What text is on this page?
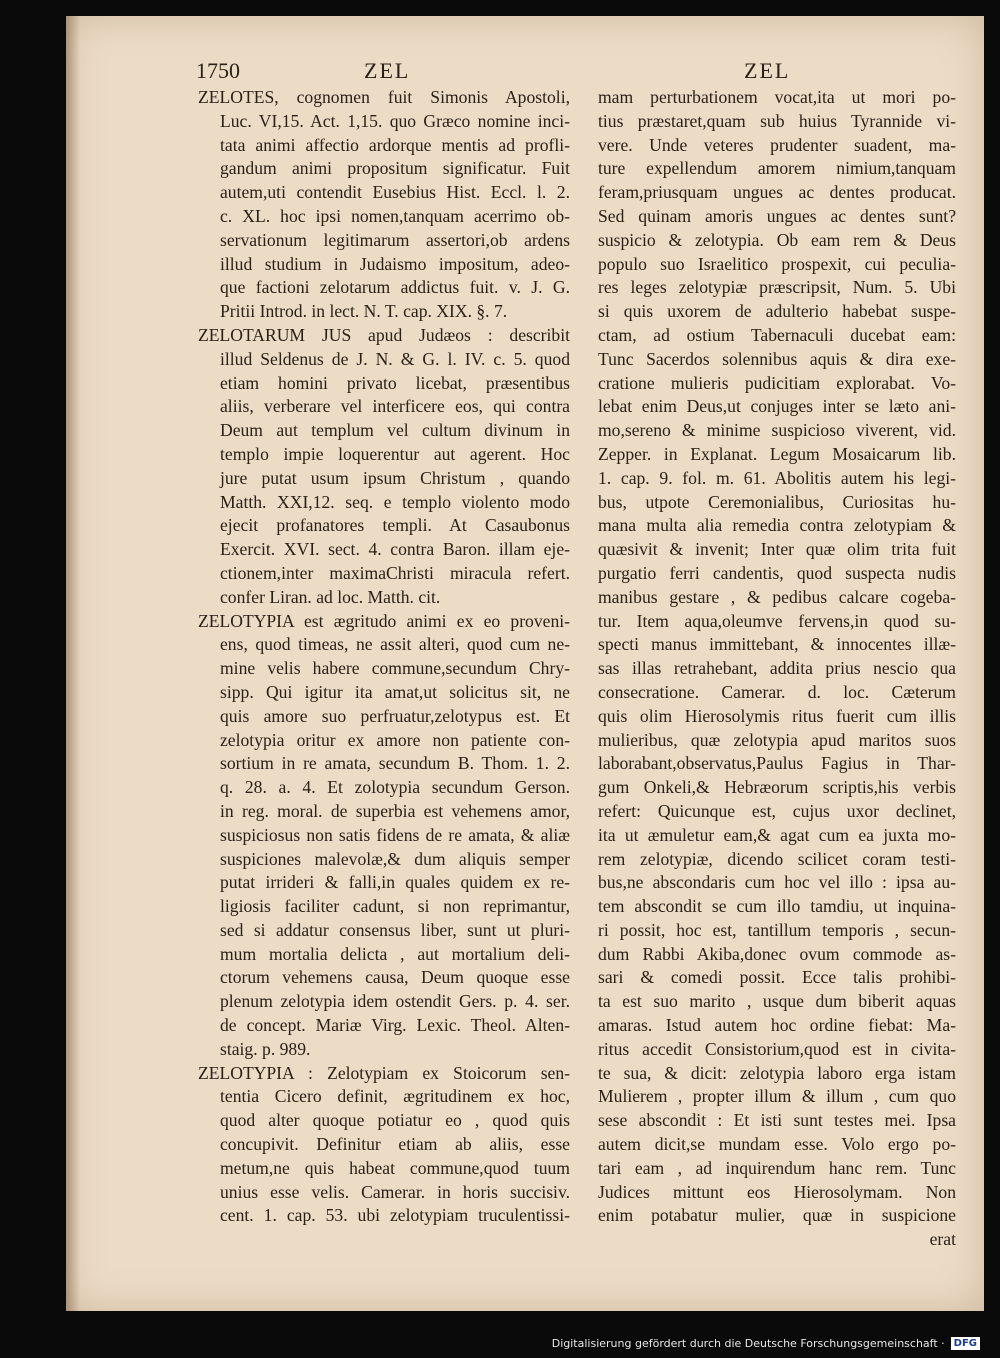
1750	ZEL	ZEL
ZELOTES, cognomen fuit Simonis Apostoli,
Luc. VI,15. Act. 1,15. quo Græco nomine inci-
tata animi affectio ardorque mentis ad profli-
gandum animi propositum significatur. Fuit
autem,uti contendit Eusebius Hist. Eccl. l. 2.
c. XL. hoc ipsi nomen,tanquam acerrimo ob-
servationum legitimarum assertori,ob ardens
illud studium in Judaismo impositum, adeo-
que factioni zelotarum addictus fuit. v. J. G.
Pritii Introd. in lect. N. T. cap. XIX. §. 7.
ZELOTARUM JUS apud Judæos : describit
illud Seldenus de J. N. & G. l. IV. c. 5. quod
etiam homini privato licebat, præsentibus
aliis, verberare vel interficere eos, qui contra
Deum aut templum vel cultum divinum in
templo impie loquerentur aut agerent. Hoc
jure putat usum ipsum Christum , quando
Matth. XXI,12. seq. e templo violento modo
ejecit profanatores templi. At Casaubonus
Exercit. XVI. sect. 4. contra Baron. illam eje-
ctionem,inter maximaChristi miracula refert.
confer Liran. ad loc. Matth. cit.
ZELOTYPIA est ægritudo animi ex eo proveni-
ens, quod timeas, ne assit alteri, quod cum ne-
mine velis habere commune,secundum Chry-
sipp. Qui igitur ita amat,ut solicitus sit, ne
quis amore suo perfruatur,zelotypus est. Et
zelotypia oritur ex amore non patiente con-
sortium in re amata, secundum B. Thom. 1. 2.
q. 28. a. 4. Et zolotypia secundum Gerson.
in reg. moral. de superbia est vehemens amor,
suspiciosus non satis fidens de re amata, & aliæ
suspiciones malevolæ,& dum aliquis semper
putat irrideri & falli,in quales quidem ex re-
ligiosis faciliter cadunt, si non reprimantur,
sed si addatur consensus liber, sunt ut pluri-
mum mortalia delicta , aut mortalium deli-
ctorum vehemens causa, Deum quoque esse
plenum zelotypia idem ostendit Gers. p. 4. ser.
de concept. Mariæ Virg. Lexic. Theol. Alten-
staig. p. 989.
ZELOTYPIA : Zelotypiam ex Stoicorum sen-
tentia Cicero definit, ægritudinem ex hoc,
quod alter quoque potiatur eo , quod quis
concupivit. Definitur etiam ab aliis, esse
metum,ne quis habeat commune,quod tuum
unius esse velis. Camerar. in horis succisiv.
cent. 1. cap. 53. ubi zelotypiam truculentissi-
mam perturbationem vocat,ita ut mori po-
tius præstaret,quam sub huius Tyrannide vi-
vere. Unde veteres prudenter suadent, ma-
ture expellendum amorem nimium,tanquam
feram,priusquam ungues ac dentes producat.
Sed quinam amoris ungues ac dentes sunt?
suspicio & zelotypia. Ob eam rem & Deus
populo suo Israelitico prospexit, cui peculia-
res leges zelotypiæ præscripsit, Num. 5. Ubi
si quis uxorem de adulterio habebat suspe-
ctam, ad ostium Tabernaculi ducebat eam:
Tunc Sacerdos solennibus aquis & dira exe-
cratione mulieris pudicitiam explorabat. Vo-
lebat enim Deus,ut conjuges inter se læto ani-
mo,sereno & minime suspicioso viverent, vid.
Zepper. in Explanat. Legum Mosaicarum lib.
1. cap. 9. fol. m. 61. Abolitis autem his legi-
bus, utpote Ceremonialibus, Curiositas hu-
mana multa alia remedia contra zelotypiam &
quæsivit & invenit; Inter quæ olim trita fuit
purgatio ferri candentis, quod suspecta nudis
manibus gestare , & pedibus calcare cogeba-
tur. Item aqua,oleumve fervens,in quod su-
specti manus immittebant, & innocentes illæ-
sas illas retrahebant, addita prius nescio qua
consecratione. Camerar. d. loc. Cæterum
quis olim Hierosolymis ritus fuerit cum illis
mulieribus, quæ zelotypia apud maritos suos
laborabant,observatus,Paulus Fagius in Thar-
gum Onkeli,& Hebræorum scriptis,his verbis
refert: Quicunque est, cujus uxor declinet,
ita ut æmuletur eam,& agat cum ea juxta mo-
rem zelotypiæ, dicendo scilicet coram testi-
bus,ne abscondaris cum hoc vel illo : ipsa au-
tem abscondit se cum illo tamdiu, ut inquina-
ri possit, hoc est, tantillum temporis , secun-
dum Rabbi Akiba,donec ovum commode as-
sari & comedi possit. Ecce talis prohibi-
ta est suo marito , usque dum biberit aquas
amaras. Istud autem hoc ordine fiebat: Ma-
ritus accedit Consistorium,quod est in civita-
te sua, & dicit: zelotypia laboro erga istam
Mulierem , propter illum & illum , cum quo
sese abscondit : Et isti sunt testes mei. Ipsa
autem dicit,se mundam esse. Volo ergo po-
tari eam , ad inquirendum hanc rem. Tunc
Judices mittunt eos Hierosolymam. Non
enim potabatur mulier, quæ in suspicione
erat
Digitalisierung gefördert durch die Deutsche Forschungsgemeinschaft · DFG
